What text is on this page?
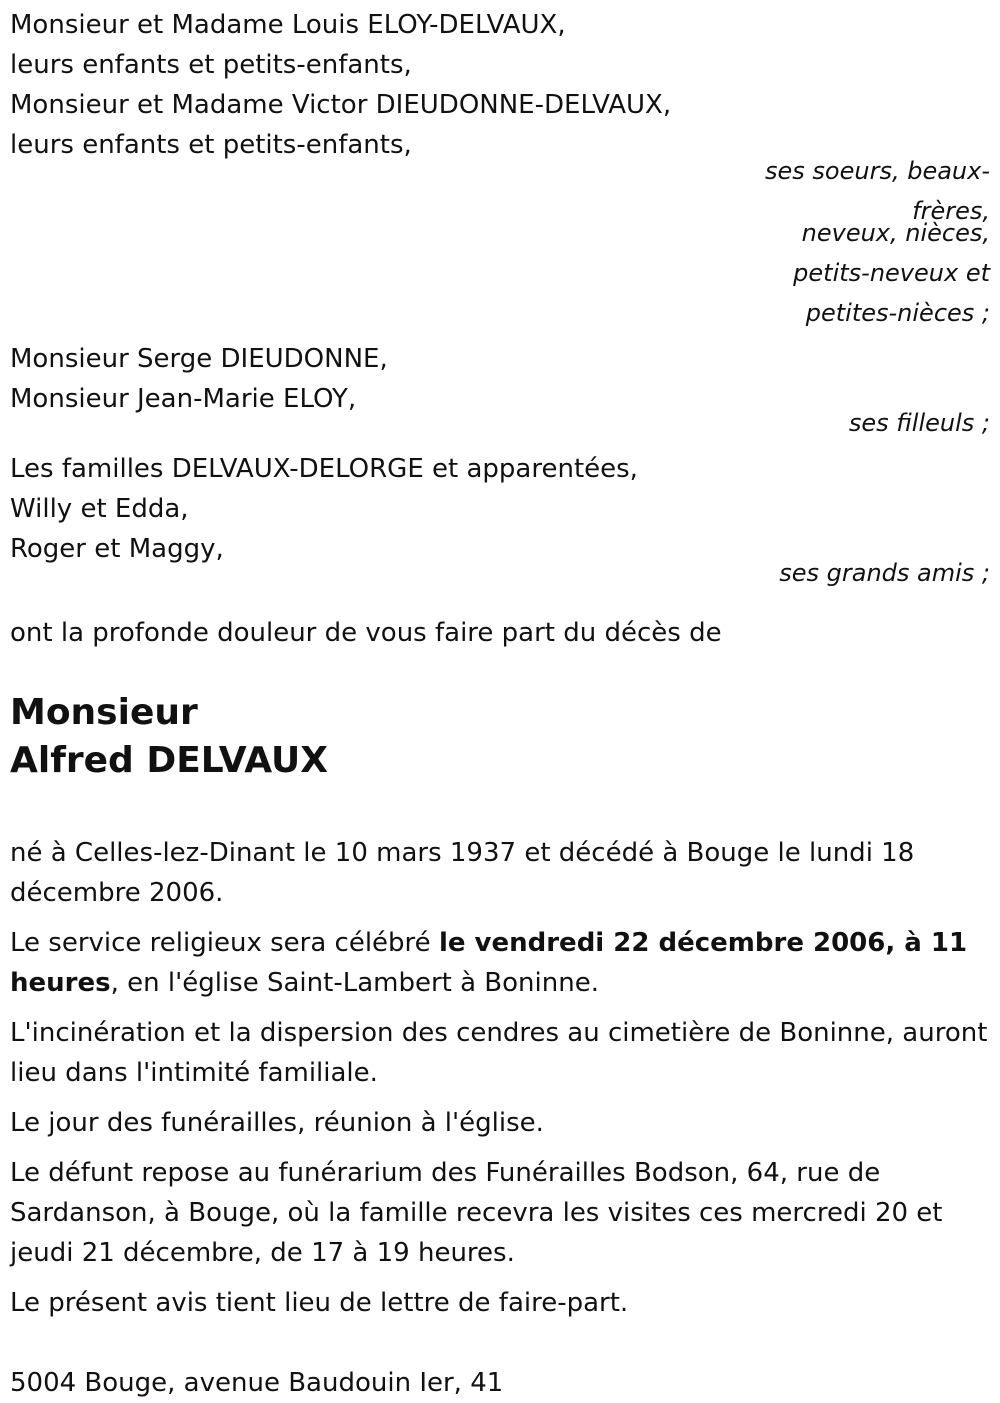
Monsieur et Madame Louis ELOY-DELVAUX,
leurs enfants et petits-enfants,
Monsieur et Madame Victor DIEUDONNE-DELVAUX,
leurs enfants et petits-enfants,
ses soeurs, beaux-frères,
neveux, nièces,
petits-neveux et
petites-nièces ;
Monsieur Serge DIEUDONNE,
Monsieur Jean-Marie ELOY,
ses filleuls ;
Les familles DELVAUX-DELORGE et apparentées,
Willy et Edda,
Roger et Maggy,
ses grands amis ;
ont la profonde douleur de vous faire part du décès de
Monsieur
Alfred DELVAUX

né à Celles-lez-Dinant le 10 mars 1937 et décédé à Bouge le lundi 18 décembre 2006.

Le service religieux sera célébré le vendredi 22 décembre 2006, à 11 heures, en l'église Saint-Lambert à Boninne.

L'incinération et la dispersion des cendres au cimetière de Boninne, auront lieu dans l'intimité familiale.

Le jour des funérailles, réunion à l'église.

Le défunt repose au funérarium des Funérailles Bodson, 64, rue de Sardanson, à Bouge, où la famille recevra les visites ces mercredi 20 et jeudi 21 décembre, de 17 à 19 heures.

Le présent avis tient lieu de lettre de faire-part.

5004 Bouge, avenue Baudouin Ier, 41
